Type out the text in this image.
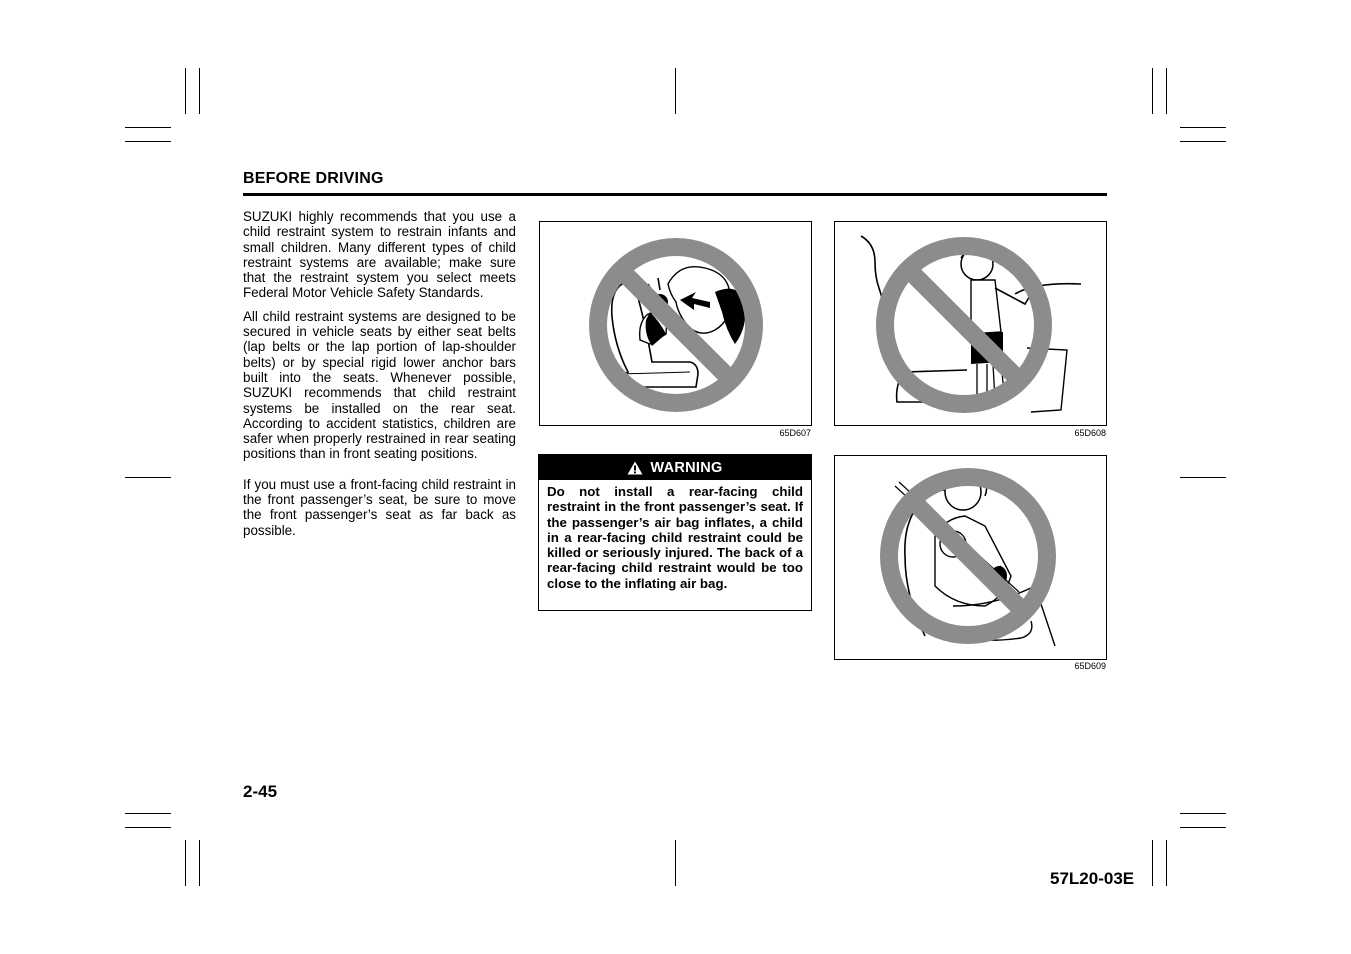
BEFORE DRIVING

SUZUKI highly recommends that you use a child restraint system to restrain infants and small children. Many different types of child restraint systems are available; make sure that the restraint system you select meets Federal Motor Vehicle Safety Standards.

All child restraint systems are designed to be secured in vehicle seats by either seat belts (lap belts or the lap portion of lap-shoulder belts) or by special rigid lower anchor bars built into the seats. Whenever possible, SUZUKI recommends that child restraint systems be installed on the rear seat. According to accident statistics, children are safer when properly restrained in rear seating positions than in front seating positions.

If you must use a front-facing child restraint in the front passenger’s seat, be sure to move the front passenger’s seat as far back as possible.

65D607	65D608
WARNING
Do not install a rear-facing child restraint in the front passenger’s seat. If the passenger’s air bag inflates, a child in a rear-facing child restraint could be killed or seriously injured. The back of a rear-facing child restraint would be too close to the inflating air bag.
65D609
2-45
57L20-03E
